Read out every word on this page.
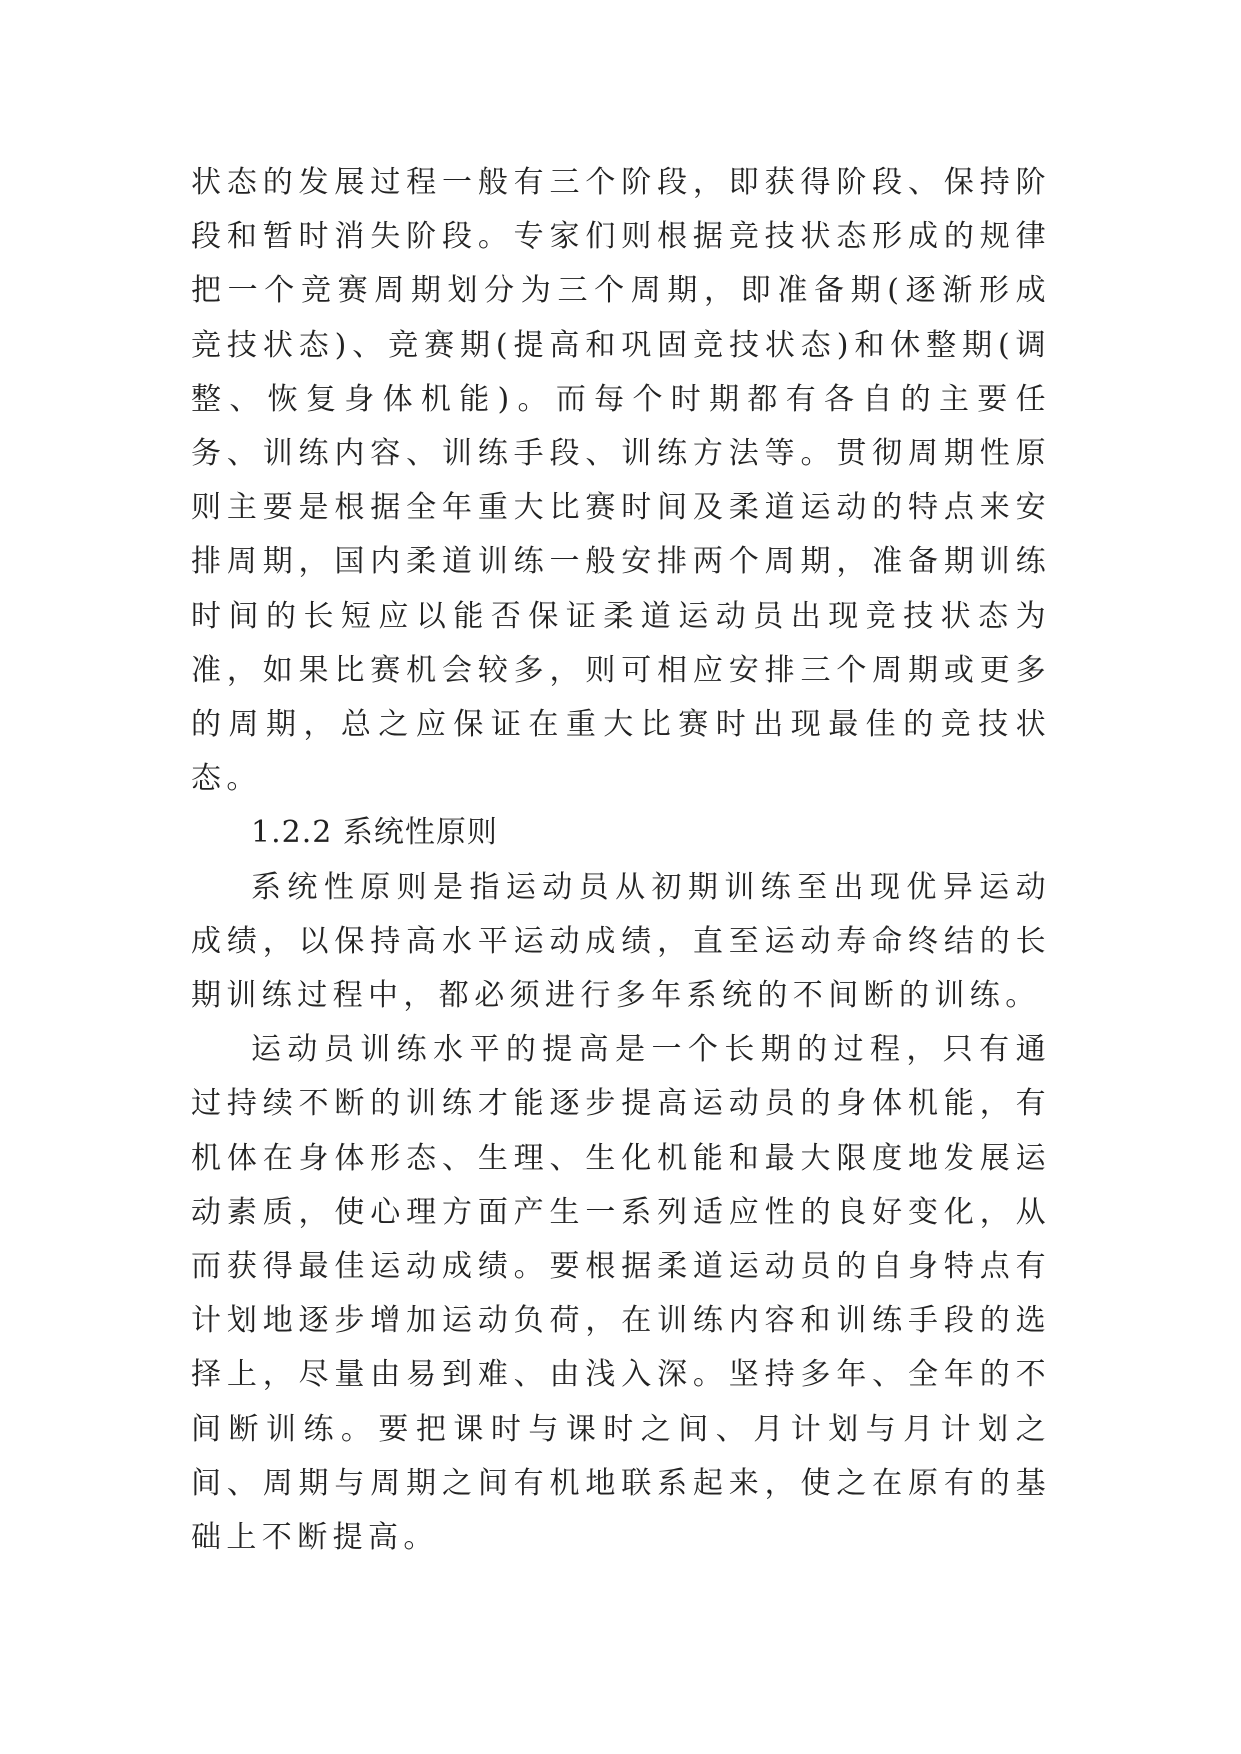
状态的发展过程一般有三个阶段，即获得阶段、保持阶段和暂时消失阶段。专家们则根据竞技状态形成的规律把一个竞赛周期划分为三个周期，即准备期(逐渐形成竞技状态)、竞赛期(提高和巩固竞技状态)和休整期(调整、恢复身体机能)。而每个时期都有各自的主要任务、训练内容、训练手段、训练方法等。贯彻周期性原则主要是根据全年重大比赛时间及柔道运动的特点来安排周期，国内柔道训练一般安排两个周期，准备期训练时间的长短应以能否保证柔道运动员出现竞技状态为准，如果比赛机会较多，则可相应安排三个周期或更多的周期，总之应保证在重大比赛时出现最佳的竞技状态。

1.2.2 系统性原则

系统性原则是指运动员从初期训练至出现优异运动成绩，以保持高水平运动成绩，直至运动寿命终结的长期训练过程中，都必须进行多年系统的不间断的训练。

运动员训练水平的提高是一个长期的过程，只有通过持续不断的训练才能逐步提高运动员的身体机能，有机体在身体形态、生理、生化机能和最大限度地发展运动素质，使心理方面产生一系列适应性的良好变化，从而获得最佳运动成绩。要根据柔道运动员的自身特点有计划地逐步增加运动负荷，在训练内容和训练手段的选择上，尽量由易到难、由浅入深。坚持多年、全年的不间断训练。要把课时与课时之间、月计划与月计划之间、周期与周期之间有机地联系起来，使之在原有的基础上不断提高。
